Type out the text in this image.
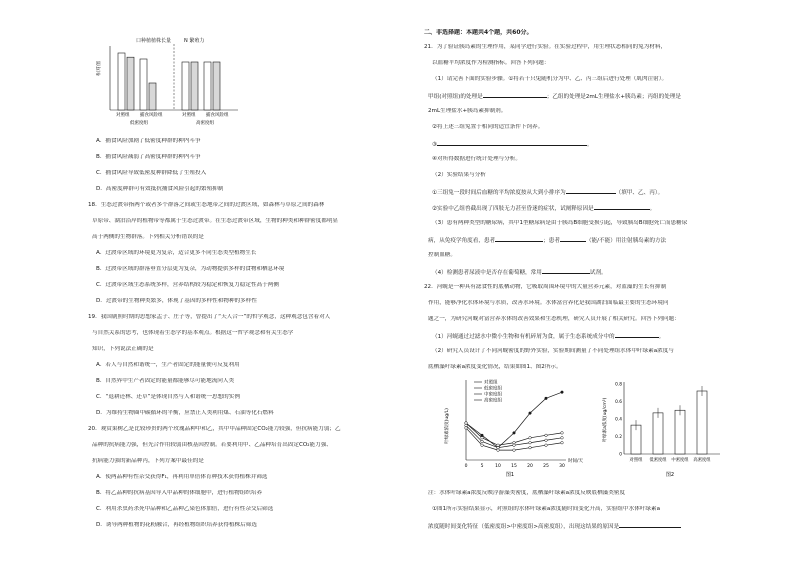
口种植植株长量	N 繁殖力
相对值
对照组 捕食风险组	对照组 捕食风险组
低密度组	高密度组
A．捕食风险加剧了低密度种群的种内斗争
B．捕食风险减弱了高密度种群的种内斗争
C．捕食风险导致低密度种群降低了生殖投入
D．高密度种群可有效抵抗捕食风险引起的繁殖抑制
18．生态过渡带指两个或者多个群落之间或生态地带之间的过渡区域，如森林与草原之间的森林
草原带、湖泊沿岸的植物带等都属于生态过渡带。在生态过渡带区域，生物的种类和种群密度都明显
高于两侧的生物群落。下列相关分析错误的是
A．过渡带区域的环境更为复杂，适合更多不同生态类型植物生长
B．过渡带区域的群落垂直分层更为复杂，为动物提供多样的食物和栖息环境
C．过渡带区域生态系统多样，营养结构较为稳定和恢复力稳定性高于两侧
D．过渡带的生物种类繁多，体现了基因的多样性和物种的多样性
19．我国剧照时期的思想家孟子、庄子等，曾提出了“天人合一”的哲学观念，这种观念包含着对人
与自然关系的思考，也体现着生态学的基本观点。根据这一哲学观念和有关生态学
知识，下列说法正确的是
A．若人与自然和谐统一，生产者固定的能量便可反复利用
B．自然界中生产者固定的能量都能够尽可能地流向人类
C．“退耕还林、还草”是体现自然与人和谐统一思想的实例
D．为维持生物圈中碳循环的平衡，应禁止人类利用煤、石油等化石燃料
20．观赏果树乙是比较珍贵的两个玫瑰品种甲和乙，其中甲品种固定CO₂能力较强，但抗病能力弱；乙
品种的抗病能力强，但光合作用较弱由核基因控制。若要利用甲、乙品种培育出固定CO₂能力强、
抗病能力强的新品种丙，下列方案中最佳的是
A．使两品种有性杂交获得F₁，再利用单倍体育种技术获得植株并筛选
B．将乙品种的抗病基因导入甲品种的体细胞中，进行植物组织培养
C．利用杀虫药杀死甲品种和乙品种乙染色体加倍，进行有性杂交后筛选
D．诱导两种植物的花粉融合，再经植物组织培养获得植株后筛选
二、非选择题：本题共4个题，共60分。
21．为了验证胰岛素的生理作用，某同学进行实验。在实验过程中，用生理状态相同的兔为材料，
以血糖平均浓度作为检测指标。回答下列问题：
（1）请完善下面的实验步骤。①将若干只兔随机分为甲、乙、丙三组后进行处理（肌肉注射）。
甲组(对照组)的处理是	；乙组的处理是2mL生理盐水+胰岛素；丙组的处理是
2mL生理盐水+胰岛素抑制剂。
②将上述三组兔置于相同的适宜条件下饲养。
③	。
④对所得数据进行统计处理与分析。
（2）实验结果与分析
①三组兔一段时间后血糖的平均浓度按从大到小排序为	（填甲、乙、丙）。
②实验中乙组兽截出现了四肢无力甚至昏迷的症状，试阐释原因是	。
（3）患有两种类型的糖尿病，其中1型糖尿病是由于胰岛B细胞受损引起，导致胰岛B细胞死亡而患糖尿
病，从免疫学角度看，患者	；患者	（能/不能）用注射胰岛素的方法
控制血糖。
（4）检测患者尿液中是否存在葡萄糖，常用	试剂。
22．河蚬是一种具有滤食性的底栖动物，它吸取周围环境中的大量营养元素，对蓝藻的生长有抑制
作用，能够净化水体环境与水质，改善水环境。水体富营养化是我国湖泊面临最主要的生态环境问
题之一，为研究河蚬对富营养水体的改善效果和生态机理，研究人员开展了相关研究。回答下列问题：
（1）河蚬通过过滤水中微小生物和有机碎屑为食，属于生态系统成分中的	。
（2）研究人员设计了不同河蚬密度的野外实验，实验期间测量了不同处理组水体中叶绿素a浓度与
底栖藻叶绿素a浓度变化情况，结果如图1、图2所示。
叶绿素浓度(ug/L)
对照组
低密度组
中密度组
高密度组
0	5	10 15 20 25 30
时间/天
图1
叶绿素a浓度(ug/cm²)
0
0.2
0.4
0.6
0.8
对照组 低密度组 中密度组 高密度组
图2
注：水体叶绿素a浓度反映浮游藻类密度，底栖藻叶绿素a浓度反映底栖藻类密度
①图1所示实验结果显示，对照组的水体叶绿素a浓度随时间变化升高，实验组中水体叶绿素a
浓度随时间变化特征（低密度组>中密度组>高密度组），出现这结果的原因是
